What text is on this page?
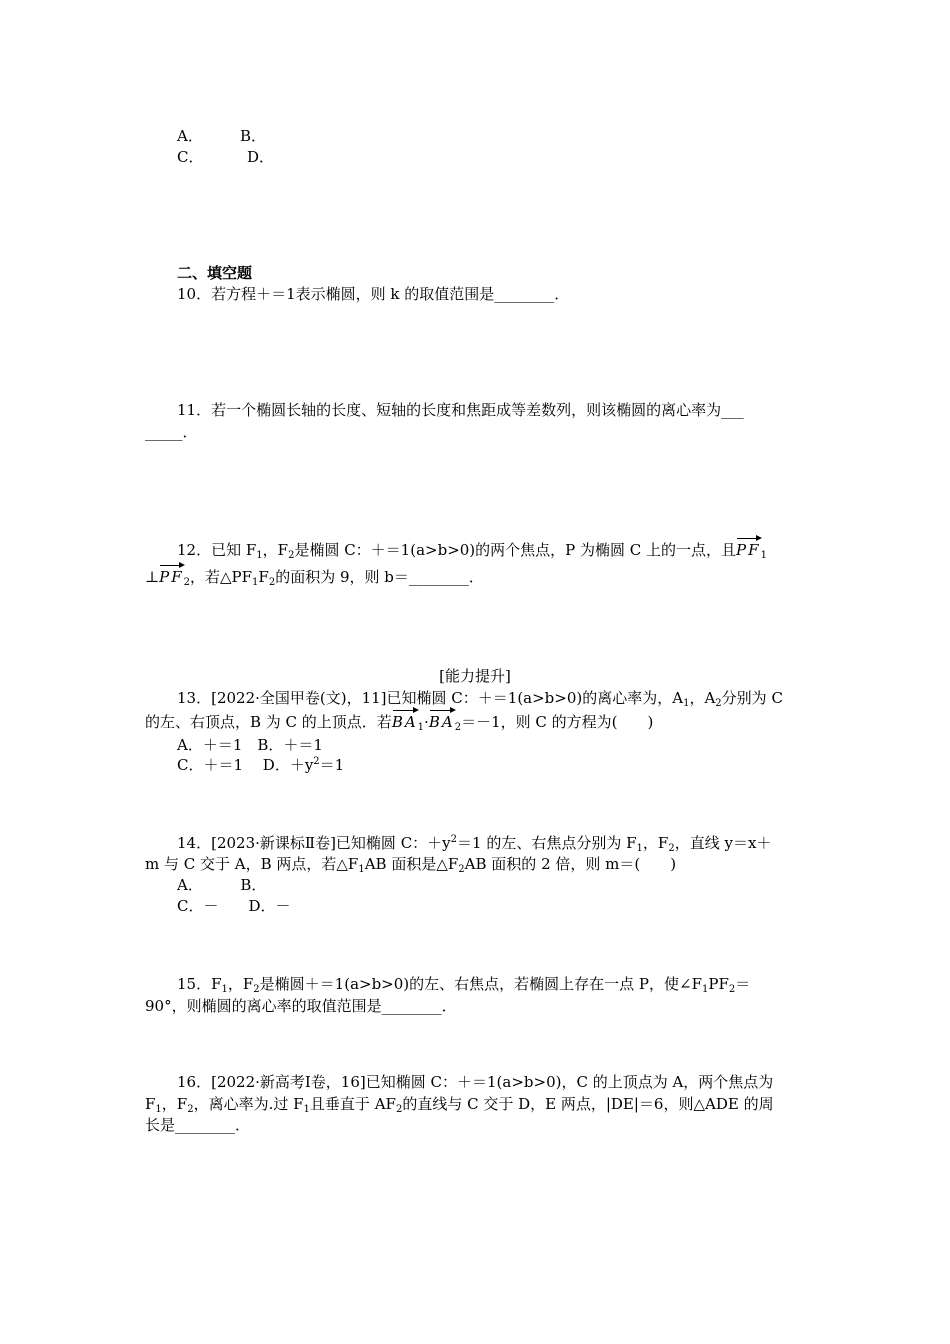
A． B．
C．	D．
二、填空题
10．若方程＋＝1表示椭圆，则 k 的取值范围是________．
11．若一个椭圆长轴的长度、短轴的长度和焦距成等差数列，则该椭圆的离心率为___
_____．
12．已知 $F_1$，$F_2$是椭圆 C：＋＝1(a>b>0)的两个焦点，P 为椭圆 C 上的一点，且$PF_1$
$\perp PF_2$，若$\triangle PF_1F_2$的面积为 9，则 b＝________．
[能力提升]
13．[2022·全国甲卷(文)，11]已知椭圆 C：＋＝1(a>b>0)的离心率为，$A_1$，$A_2$分别为 C
的左、右顶点，B 为 C 的上顶点．若$BA_1\cdot BA_2=-1$，则 C 的方程为(　　)
A．＋＝1　B．＋＝1
C．＋＝1　 D．$+y^2=1$
14．[2023·新课标Ⅱ卷]已知椭圆 C：$+y^2=1$ 的左、右焦点分别为 $F_1$，$F_2$，直线 y＝x＋
m 与 C 交于 A，B 两点，若$\triangle F_1AB$ 面积是$\triangle F_2AB$ 面积的 2 倍，则 m＝(　　)
A．　　　B．
C．－　　D．－
15．$F_1$，$F_2$是椭圆＋＝1(a>b>0)的左、右焦点，若椭圆上存在一点 P，使$\angle F_1PF_2=$
90°，则椭圆的离心率的取值范围是________．
16．[2022·新高考Ⅰ卷，16]已知椭圆 C：＋＝1(a>b>0)，C 的上顶点为 A，两个焦点为
$F_1$，$F_2$，离心率为.过 $F_1$且垂直于 $AF_2$的直线与 C 交于 D，E 两点，|DE|＝6，则△ADE 的周
长是________．
